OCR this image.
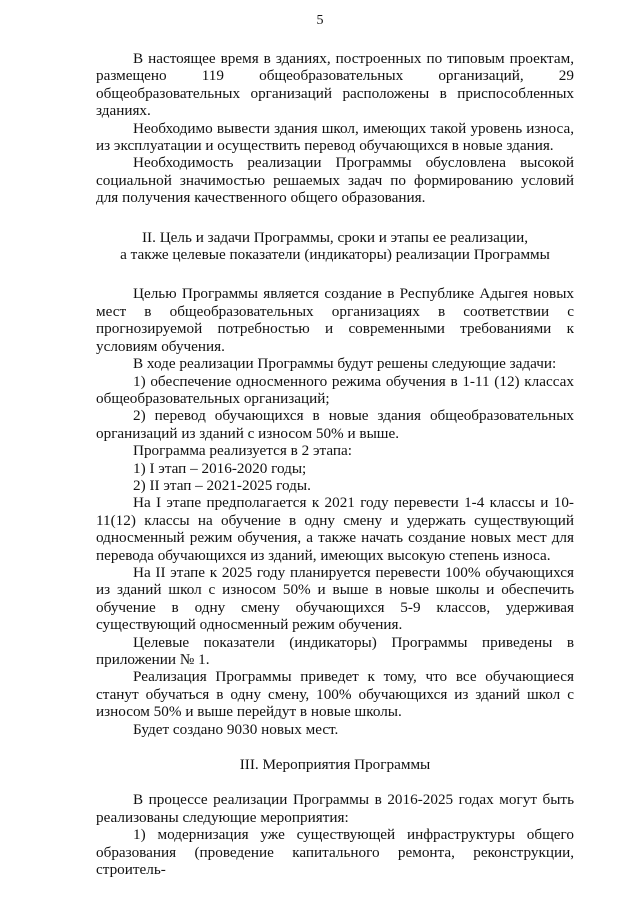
5

В настоящее время в зданиях, построенных по типовым проектам, размещено 119 общеобразовательных организаций, 29 общеобразовательных организаций расположены в приспособленных зданиях.

Необходимо вывести здания школ, имеющих такой уровень износа, из эксплуатации и осуществить перевод обучающихся в новые здания.

Необходимость реализации Программы обусловлена высокой социальной значимостью решаемых задач по формированию условий для получения качественного общего образования.

II. Цель и задачи Программы, сроки и этапы ее реализации,

а также целевые показатели (индикаторы) реализации Программы

Целью Программы является создание в Республике Адыгея новых мест в общеобразовательных организациях в соответствии с прогнозируемой потребностью и современными требованиями к условиям обучения.

В ходе реализации Программы будут решены следующие задачи:

1) обеспечение односменного режима обучения в 1-11 (12) классах общеобразовательных организаций;

2) перевод обучающихся в новые здания общеобразовательных организаций из зданий с износом 50% и выше.

Программа реализуется в 2 этапа:

1) I этап – 2016-2020 годы;

2) II этап – 2021-2025 годы.

На I этапе предполагается к 2021 году перевести 1-4 классы и 10-11(12) классы на обучение в одну смену и удержать существующий односменный режим обучения, а также начать создание новых мест для перевода обучающихся из зданий, имеющих высокую степень износа.

На II этапе к 2025 году планируется перевести 100% обучающихся из зданий школ с износом 50% и выше в новые школы и обеспечить обучение в одну смену обучающихся 5-9 классов, удерживая существующий односменный режим обучения.

Целевые показатели (индикаторы) Программы приведены в приложении № 1.

Реализация Программы приведет к тому, что все обучающиеся станут обучаться в одну смену, 100% обучающихся из зданий школ с износом 50% и выше перейдут в новые школы.

Будет создано 9030 новых мест.

III. Мероприятия Программы

В процессе реализации Программы в 2016-2025 годах могут быть реализованы следующие мероприятия:

1) модернизация уже существующей инфраструктуры общего образования (проведение капитального ремонта, реконструкции, строитель-
